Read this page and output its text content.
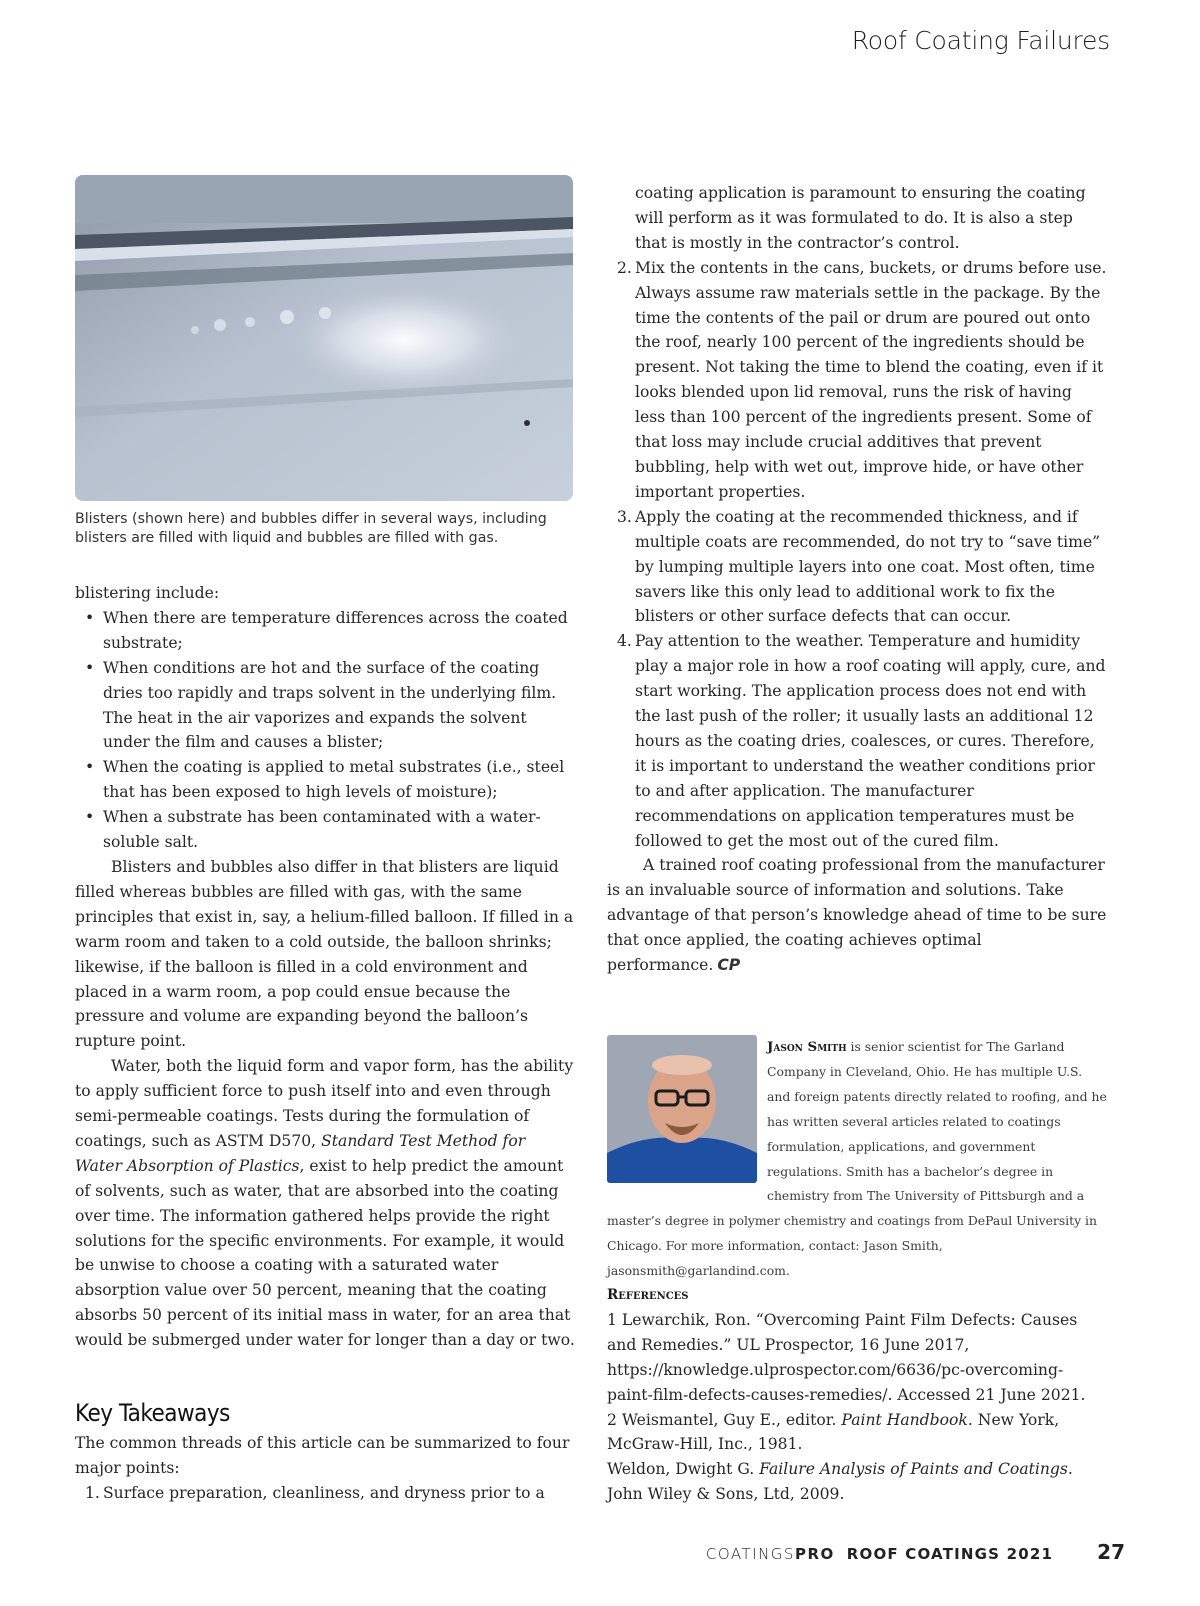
Roof Coating Failures
Blisters (shown here) and bubbles differ in several ways, including
blisters are filled with liquid and bubbles are filled with gas.

blistering include:

• When there are temperature differences across the coated substrate;
• When conditions are hot and the surface of the coating dries too rapidly and traps solvent in the underlying film. The heat in the air vaporizes and expands the solvent under the film and causes a blister;
• When the coating is applied to metal substrates (i.e., steel that has been exposed to high levels of moisture);
• When a substrate has been contaminated with a water-soluble salt.

Blisters and bubbles also differ in that blisters are liquid filled whereas bubbles are filled with gas, with the same principles that exist in, say, a helium-filled balloon. If filled in a warm room and taken to a cold outside, the balloon shrinks; likewise, if the balloon is filled in a cold environment and placed in a warm room, a pop could ensue because the pressure and volume are expanding beyond the balloon’s rupture point.

Water, both the liquid form and vapor form, has the ability to apply sufficient force to push itself into and even through semi-permeable coatings. Tests during the formulation of coatings, such as ASTM D570, Standard Test Method for Water Absorption of Plastics, exist to help predict the amount of solvents, such as water, that are absorbed into the coating over time. The information gathered helps provide the right solutions for the specific environments. For example, it would be unwise to choose a coating with a saturated water absorption value over 50 percent, meaning that the coating absorbs 50 percent of its initial mass in water, for an area that would be submerged under water for longer than a day or two.

Key Takeaways

The common threads of this article can be summarized to four major points:

1. Surface preparation, cleanliness, and dryness prior to a
coating application is paramount to ensuring the coating will perform as it was formulated to do. It is also a step that is mostly in the contractor’s control.
2. Mix the contents in the cans, buckets, or drums before use. Always assume raw materials settle in the package. By the time the contents of the pail or drum are poured out onto the roof, nearly 100 percent of the ingredients should be present. Not taking the time to blend the coating, even if it looks blended upon lid removal, runs the risk of having less than 100 percent of the ingredients present. Some of that loss may include crucial additives that prevent bubbling, help with wet out, improve hide, or have other important properties.
3. Apply the coating at the recommended thickness, and if multiple coats are recommended, do not try to “save time” by lumping multiple layers into one coat. Most often, time savers like this only lead to additional work to fix the blisters or other surface defects that can occur.
4. Pay attention to the weather. Temperature and humidity play a major role in how a roof coating will apply, cure, and start working. The application process does not end with the last push of the roller; it usually lasts an additional 12 hours as the coating dries, coalesces, or cures. Therefore, it is important to understand the weather conditions prior to and after application. The manufacturer recommendations on application temperatures must be followed to get the most out of the cured film.

A trained roof coating professional from the manufacturer is an invaluable source of information and solutions. Take advantage of that person’s knowledge ahead of time to be sure that once applied, the coating achieves optimal performance. CP

Jason Smith is senior scientist for The Garland Company in Cleveland, Ohio. He has multiple U.S. and foreign patents directly related to roofing, and he has written several articles related to coatings formulation, applications, and government regulations. Smith has a bachelor’s degree in chemistry from The University of Pittsburgh and a master’s degree in polymer chemistry and coatings from DePaul University in Chicago. For more information, contact: Jason Smith, jasonsmith@garlandind.com.
References

1 Lewarchik, Ron. “Overcoming Paint Film Defects: Causes and Remedies.” UL Prospector, 16 June 2017, https://knowledge.ulprospector.com/6636/pc-overcoming-paint-film-defects-causes-remedies/. Accessed 21 June 2021.

2 Weismantel, Guy E., editor. Paint Handbook. New York, McGraw-Hill, Inc., 1981.

Weldon, Dwight G. Failure Analysis of Paints and Coatings. John Wiley & Sons, Ltd, 2009.

COATINGS PRO ROOF COATINGS 2021 27
